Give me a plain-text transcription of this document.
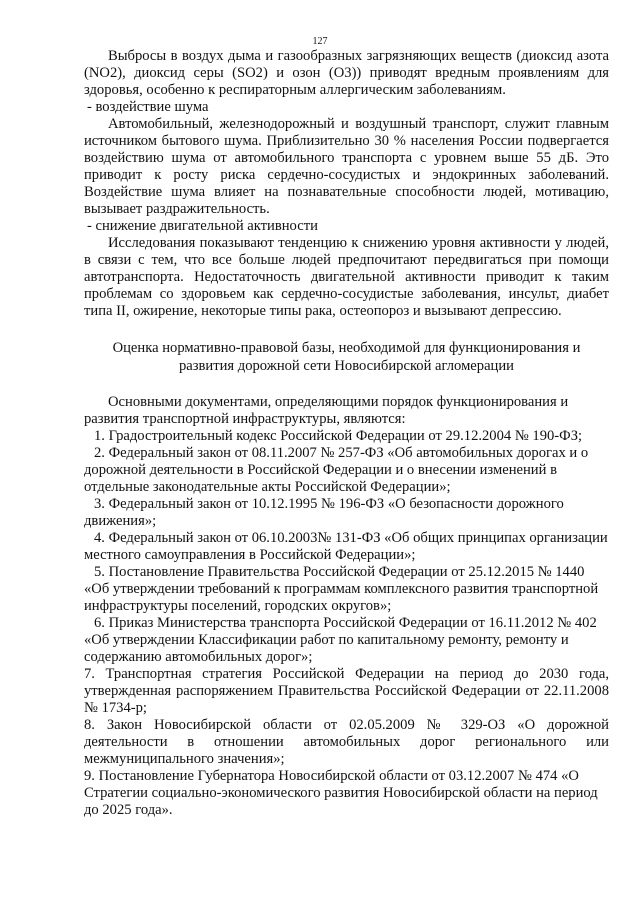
127

Выбросы в воздух дыма и газообразных загрязняющих веществ (диоксид азота (NO2), диоксид серы (SO2) и озон (O3)) приводят вредным проявлениям для здоровья, особенно к респираторным аллергическим заболеваниям.

- воздействие шума

Автомобильный, железнодорожный и воздушный транспорт, служит главным источником бытового шума. Приблизительно 30 % населения России подвергается воздействию шума от автомобильного транспорта с уровнем выше 55 дБ. Это приводит к росту риска сердечно-сосудистых и эндокринных заболеваний. Воздействие шума влияет на познавательные способности людей, мотивацию, вызывает раздражительность.

- снижение двигательной активности

Исследования показывают тенденцию к снижению уровня активности у людей, в связи с тем, что все больше людей предпочитают передвигаться при помощи автотранспорта. Недостаточность двигательной активности приводит к таким проблемам со здоровьем как сердечно-сосудистые заболевания, инсульт, диабет типа II, ожирение, некоторые типы рака, остеопороз и вызывают депрессию.

Оценка нормативно-правовой базы, необходимой для функционирования и развития дорожной сети Новосибирской агломерации

Основными документами, определяющими порядок функционирования и развития транспортной инфраструктуры, являются:

1. Градостроительный кодекс Российской Федерации от 29.12.2004 № 190-ФЗ;

2. Федеральный закон от 08.11.2007 № 257-ФЗ «Об автомобильных дорогах и о дорожной деятельности в Российской Федерации и о внесении изменений в отдельные законодательные акты Российской Федерации»;

3. Федеральный закон от 10.12.1995 № 196-ФЗ «О безопасности дорожного движения»;

4. Федеральный закон от 06.10.2003№ 131-ФЗ «Об общих принципах организации местного самоуправления в Российской Федерации»;

5. Постановление Правительства Российской Федерации от 25.12.2015 № 1440 «Об утверждении требований к программам комплексного развития транспортной инфраструктуры поселений, городских округов»;

6. Приказ Министерства транспорта Российской Федерации от 16.11.2012 № 402 «Об утверждении Классификации работ по капитальному ремонту, ремонту и содержанию автомобильных дорог»;

7. Транспортная стратегия Российской Федерации на период до 2030 года, утвержденная распоряжением Правительства Российской Федерации от 22.11.2008 № 1734-р;

8. Закон Новосибирской области от 02.05.2009 № 329-ОЗ «О дорожной деятельности в отношении автомобильных дорог регионального или межмуниципального значения»;

9. Постановление Губернатора Новосибирской области от 03.12.2007 № 474 «О Стратегии социально-экономического развития Новосибирской области на период до 2025 года».
